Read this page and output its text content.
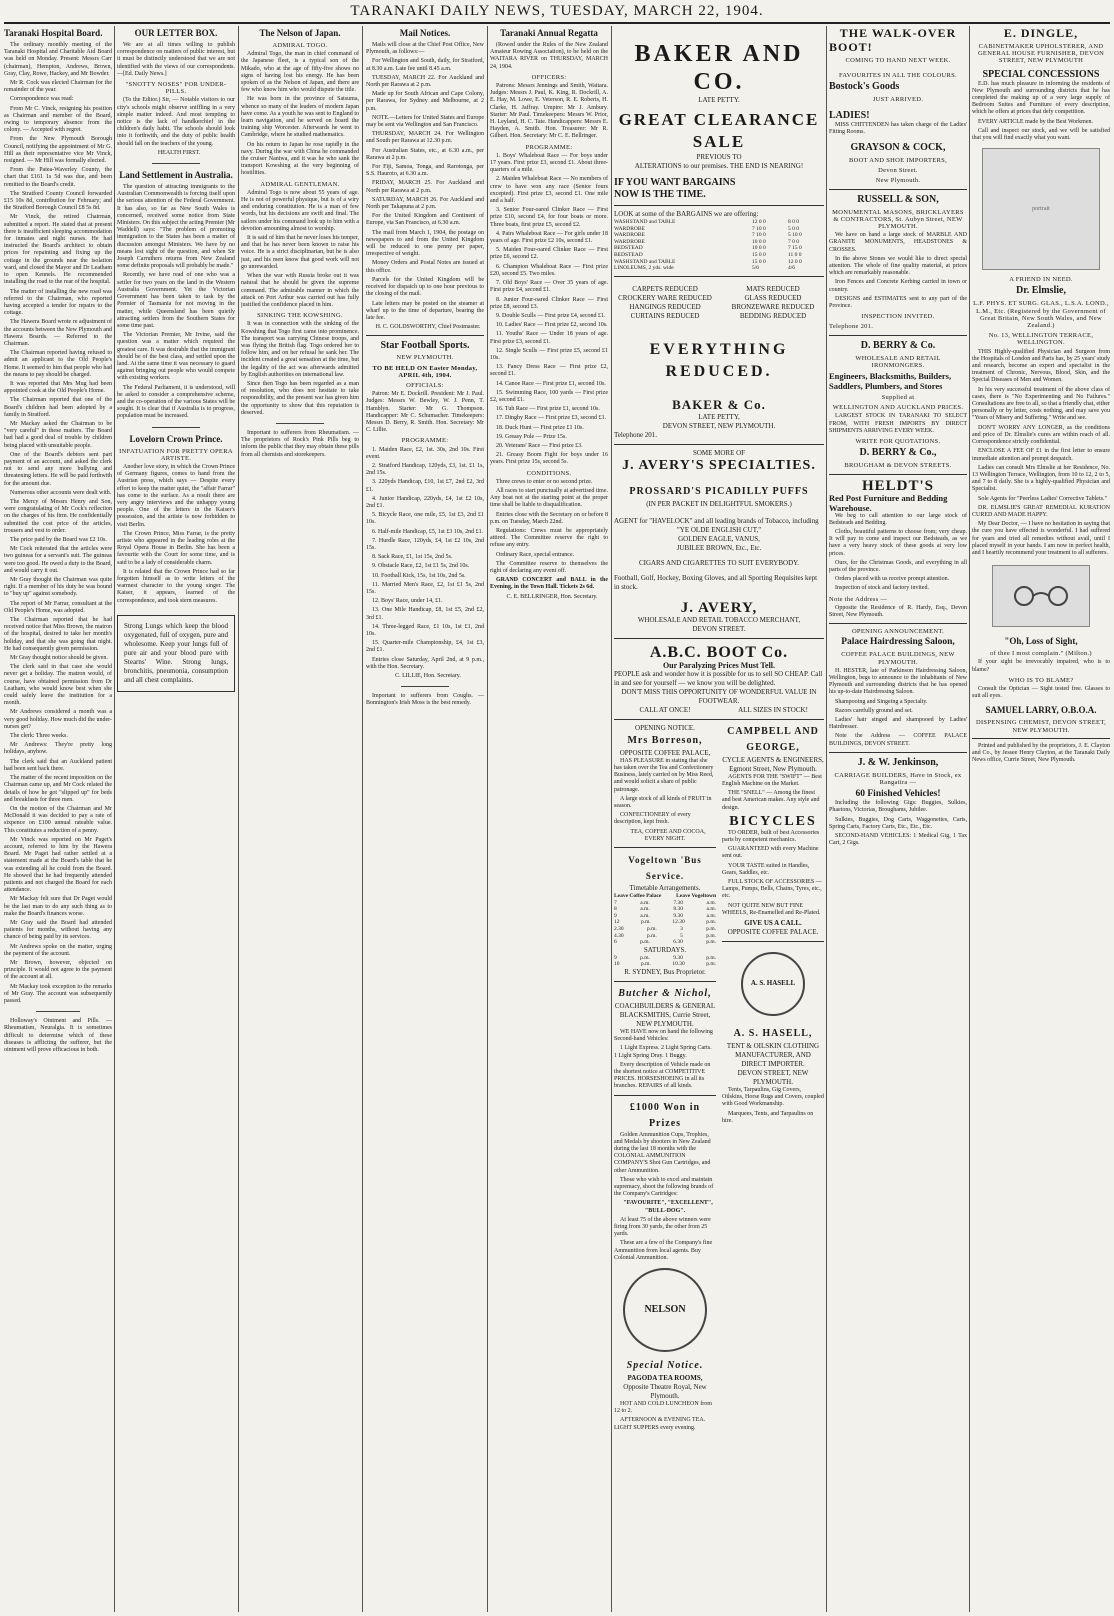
TARANAKI DAILY NEWS, TUESDAY, MARCH 22, 1904.
Taranaki Hospital Board.

The ordinary monthly meeting of the Taranaki Hospital and Charitable Aid Board was held on Monday. Present: Messrs Carr (chairman), Hempton, Andrews, Brown, Gray, Clay, Rowe, Hackey, and Mr Bowder.

Mr R. Cock was elected Chairman for the remainder of the year.

Correspondence was read:

From Mr C. Vinck, resigning his position as Chairman and member of the Board, owing to temporary absence from the colony. — Accepted with regret.

From the New Plymouth Borough Council, notifying the appointment of Mr G. Hill as their representative vice Mr Vinck, resigned. — Mr Hill was formally elected.

From the Patea-Waverley County, the chart that £161 1s 5d was due, and been remitted to the Board's credit.

The Stratford County Council forwarded £15 10s 8d, contribution for February; and the Stratford Borough Council £8 5s 8d.

Mr Vinck, the retired Chairman, submitted a report. He stated that at present there is insufficient sleeping accommodation for inmates and night nurses. He had instructed the Board's architect to obtain prices for repainting and fixing up the cottage in the grounds near the isolation ward, and closed the Mayor and Dr Leatham to open Kennels. He recommended installing the road to the rear of the hospital.

The matter of installing the new road was referred to the Chairman, who reported having accepted a tender for repairs to the cottage.

The Hawera Board wrote re adjustment of the accounts between the New Plymouth and Hawera Boards. — Referred to the Chairman.

The Chairman reported having refused to admit an applicant to the Old People's Home. It seemed to him that people who had the means to pay should be charged.

It was reported that Mrs Mug had been appointed cook at the Old People's Home.

The Chairman reported that one of the Board's children had been adopted by a family in Stratford.

Mr Mackay asked the Chairman to be "very careful" in these matters. The Board had had a good deal of trouble by children being placed with unsuitable people.

One of the Board's debtors sent part payment of an account, and asked the clerk not to send any more bullying and threatening letters. He will be paid forthwith for the amount due.

Numerous other accounts were dealt with.

The Mercy of Messrs Henry and Son, were congratulating of Mr Cock's reflection on the charges of his firm. He confidentially submitted the cost price of the articles, trousers and vest to order.

The price paid by the Board was £2 10s.

Mr Cock reiterated that the articles were two guineas for a servant's suit. The guineas were too good. He owed a duty to the Board, and would carry it out.

Mr Gray thought the Chairman was quite right. If a member of his duty he was bound to "buy up" against somebody.

The report of Mr Farrar, consultant at the Old People's Home, was adopted.

The Chairman reported that he had received notice that Miss Brown, the matron of the hospital, desired to take her month's holiday, and that she was going that night. He had consequently given permission.

Mr Gray thought notice should be given.

The clerk said in that case she would never get a holiday. The matron would, of course, have obtained permission from Dr Leatham, who would know best when she could safely leave the institution for a month.

Mr Andrews considered a month was a very good holiday. How much did the under-nurses get?

The clerk: Three weeks.

Mr Andrews: They're pretty long holidays, anyhow.

The clerk said that an Auckland patient had been sent back there.

The matter of the recent imposition on the Chairman came up, and Mr Cock related the details of how he got "slipped up" for beds and breakfasts for three men.

On the motion of the Chairman and Mr McDonald it was decided to pay a rate of sixpence on £100 annual rateable value. This constitutes a reduction of a penny.

Mr Vinck was reported on Mr Paget's account, referred to him by the Hawera Board. Mr Paget had rather settled at a statement made at the Board's table that he was extending all he could from the Board. He showed that he had frequently attended patients and not charged the Board for each attendance.

Mr Mackay felt sure that Dr Paget would be the last man to do any such thing as to make the Board's finances worse.

Mr Gray said the Board had attended patients for months, without having any chance of being paid by its services.

Mr Andrews spoke on the matter, urging the payment of the account.

Mr Brown, however, objected on principle. It would not agree to the payment of the account at all.

Mr Mackay took exception to the remarks of Mr Gray. The account was subsequently passed.

Holloway's Ointment and Pills. — Rheumatism, Neuralgia. It is sometimes difficult to determine which of these diseases is afflicting the sufferer, but the ointment will prove efficacious in both.

OUR LETTER BOX.

We are at all times willing to publish correspondence on matters of public interest, but it must be distinctly understood that we are not identified with the views of our correspondents.—[Ed. Daily News.]

"SNOTTY NOSES" FOR UNDER-PILLS.

(To the Editor.) Sir, — Notable visitors to our city's schools might observe sniffling in a very simple matter indeed. And most tempting to notice is the lack of handkerchief in the children's daily habit. The schools should look into it forthwith, and the duty of public health should fall on the teachers of the young.

HEALTH FIRST.

Land Settlement in Australia.

The question of attracting immigrants to the Australian Commonwealth is forcing itself upon the serious attention of the Federal Government. It has also, so far as New South Wales is concerned, received some notice from State Ministers. On this subject the acting Premier (Mr Waddell) says: "The problem of promoting immigration to the States has been a matter of discussion amongst Ministers. We have by no means lost sight of the question, and when Sir Joseph Carruthers returns from New Zealand some definite proposals will probably be made."

Recently, we have read of one who was a settler for two years on the land in the Western Australia Government. Yet the Victorian Government has been taken to task by the Premier of Tasmania for not moving in the matter, while Queensland has been quietly attracting settlers from the Southern States for some time past.

The Victorian Premier, Mr Irvine, said the question was a matter which required the greatest care. It was desirable that the immigrant should be of the best class, and settled upon the land. At the same time it was necessary to guard against bringing out people who would compete with existing workers.

The Federal Parliament, it is understood, will be asked to consider a comprehensive scheme, and the co-operation of the various States will be sought. It is clear that if Australia is to progress, population must be increased.

Lovelorn Crown Prince.
INFATUATION FOR PRETTY OPERA ARTISTE.

Another love story, in which the Crown Prince of Germany figures, comes to hand from the Austrian press, which says — Despite every effort to keep the matter quiet, the "affair Farrar" has come to the surface. As a result there are very angry interviews and the unhappy young people. One of the letters in the Kaiser's possession, and the artiste is now forbidden to visit Berlin.

The Crown Prince, Miss Farrar, is the pretty artiste who appeared in the leading roles at the Royal Opera House in Berlin. She has been a favourite with the Court for some time, and is said to be a lady of considerable charm.

It is related that the Crown Prince had so far forgotten himself as to write letters of the warmest character to the young singer. The Kaiser, it appears, learned of the correspondence, and took stern measures.

Strong Lungs which keep the blood oxygenated, full of oxygen, pure and wholesome. Keep your lungs full of pure air and your blood pure with Stearns' Wine. Strong lungs, bronchitis, pneumonia, consumption and all chest complaints.
The Nelson of Japan.
ADMIRAL TOGO.

Admiral Togo, the man in chief command of the Japanese fleet, is a typical son of the Mikado, who at the age of fifty-five shows no signs of having lost his energy. He has been spoken of as the Nelson of Japan, and there are few who know him who would dispute the title.

He was born in the province of Satsuma, whence so many of the leaders of modern Japan have come. As a youth he was sent to England to learn navigation, and he served on board the training ship Worcester. Afterwards he went to Cambridge, where he studied mathematics.

On his return to Japan he rose rapidly in the navy. During the war with China he commanded the cruiser Naniwa, and it was he who sank the transport Kowshing at the very beginning of hostilities.

ADMIRAL GENTLEMAN.

Admiral Togo is now about 55 years of age. He is not of powerful physique, but is of a wiry and enduring constitution. He is a man of few words, but his decisions are swift and final. The sailors under his command look up to him with a devotion amounting almost to worship.

It is said of him that he never loses his temper, and that he has never been known to raise his voice. He is a strict disciplinarian, but he is also just, and his men know that good work will not go unrewarded.

When the war with Russia broke out it was natural that he should be given the supreme command. The admirable manner in which the attack on Port Arthur was carried out has fully justified the confidence placed in him.

SINKING THE KOWSHING.

It was in connection with the sinking of the Kowshing that Togo first came into prominence. The transport was carrying Chinese troops, and was flying the British flag. Togo ordered her to follow him, and on her refusal he sank her. The incident created a great sensation at the time, but the legality of the act was afterwards admitted by English authorities on international law.

Since then Togo has been regarded as a man of resolution, who does not hesitate to take responsibility, and the present war has given him the opportunity to show that this reputation is deserved.

Important to sufferers from Rheumatism. — The proprietors of Rock's Pink Pills beg to inform the public that they may obtain these pills from all chemists and storekeepers.

Mail Notices.

Mails will close at the Chief Post Office, New Plymouth, as follows:—

For Wellington and South, daily, for Stratford, at 8.30 a.m. Late fee until 8.45 a.m.

TUESDAY, MARCH 22. For Auckland and North per Rarawa at 2 p.m.

Made up for South African and Cape Colony, per Rarawa, for Sydney and Melbourne, at 2 p.m.

NOTE.—Letters for United States and Europe may be sent via Wellington and San Francisco.

THURSDAY, MARCH 24. For Wellington and South per Rarawa at 12.30 p.m.

For Australian States, etc., at 6.30 a.m., per Rarawa at 2 p.m.

For Fiji, Samoa, Tonga, and Rarotonga, per S.S. Hauroto, at 6.30 a.m.

FRIDAY, MARCH 25. For Auckland and North per Rarawa at 2 p.m.

SATURDAY, MARCH 26. For Auckland and North per Takapuna at 2 p.m.

For the United Kingdom and Continent of Europe, via San Francisco, at 6.30 a.m.

The mail from March 1, 1904, the postage on newspapers to and from the United Kingdom will be reduced to one penny per paper, irrespective of weight.

Money Orders and Postal Notes are issued at this office.

Parcels for the United Kingdom will be received for dispatch up to one hour previous to the closing of the mail.

Late letters may be posted on the steamer at wharf up to the time of departure, bearing the late fee.

H. C. GOLDSWORTHY, Chief Postmaster.

Star Football Sports.
NEW PLYMOUTH.
TO BE HELD ON Easter Monday, APRIL 4th, 1904.
OFFICIALS:

Patron: Mr E. Dockrill. President: Mr J. Paul. Judges: Messrs W. Bewley, W. J. Penn, T. Hamblyn. Starter: Mr G. Thompson. Handicapper: Mr C. Schumacher. Timekeepers: Messrs D. Berry, R. Smith. Hon. Secretary: Mr C. Lillie.

PROGRAMME:

1. Maiden Race, £2, 1st. 30s, 2nd 10s. First event.

2. Stratford Handicap, 120yds, £3, 1st. £1 1s, 2nd 15s.

3. 220yds Handicap, £10, 1st £7, 2nd £2, 3rd £1.

4. Junior Handicap, 220yds, £4, 1st £2 10s, 2nd £1.

5. Bicycle Race, one mile, £5, 1st £3, 2nd £1 10s.

6. Half-mile Handicap, £5, 1st £3 10s, 2nd £1.

7. Hurdle Race, 120yds, £4, 1st £2 10s, 2nd 15s.

8. Sack Race, £1, 1st 15s, 2nd 5s.

9. Obstacle Race, £2, 1st £1 5s, 2nd 10s.

10. Football Kick, 15s, 1st 10s, 2nd 5s.

11. Married Men's Race, £2, 1st £1 5s, 2nd 15s.

12. Boys' Race, under 14, £1.

13. One Mile Handicap, £8, 1st £5, 2nd £2, 3rd £1.

14. Three-legged Race, £1 10s, 1st £1, 2nd 10s.

15. Quarter-mile Championship, £4, 1st £3, 2nd £1.

Entries close Saturday, April 2nd, at 9 p.m., with the Hon. Secretary.

C. LILLIE, Hon. Secretary.

Important to sufferers from Coughs. — Bonnington's Irish Moss is the best remedy.

Taranaki Annual Regatta

(Rowed under the Rules of the New Zealand Amateur Rowing Association), to be held on the WAITARA RIVER on THURSDAY, MARCH 24, 1904.

OFFICERS:

Patrons: Messrs Jennings and Smith, Waitara. Judges: Messrs J. Paul, K. King, R. Dockrill, A. E. Hay, M. Lowe, E. Veterson, R. E. Roberts, H. Clarke, H. Jaffray. Umpire: Mr J. Ambury. Starter: Mr Paul. Timekeepers: Messrs W. Prior, H. Leyland, H. C. Tate. Handicappers: Messrs E. Hayden, A. Smith. Hon. Treasurer: Mr R. Gilbert. Hon. Secretary: Mr C. E. Bellringer.

PROGRAMME:

1. Boys' Whaleboat Race — For boys under 17 years. First prize £3, second £1. About three-quarters of a mile.

2. Maiden Whaleboat Race — No members of crew to have won any race (Senior fours excepted). First prize £3, second £1. One mile and a half.

3. Senior Four-oared Clinker Race — First prize £10, second £4, for four boats or more. Three boats, first prize £5, second £2.

4. Pairs Whaleboat Race — For girls under 18 years of age. First prize £2 10s, second £1.

5. Maiden Four-oared Clinker Race — First prize £6, second £2.

6. Champion Whaleboat Race — First prize £20, second £5. Two miles.

7. Old Boys' Race — Over 35 years of age. First prize £4, second £1.

8. Junior Four-oared Clinker Race — First prize £8, second £3.

9. Double Sculls — First prize £4, second £1.

10. Ladies' Race — First prize £2, second 10s.

11. Youths' Race — Under 18 years of age. First prize £3, second £1.

12. Single Sculls — First prize £5, second £1 10s.

13. Fancy Dress Race — First prize £2, second £1.

14. Canoe Race — First prize £1, second 10s.

15. Swimming Race, 100 yards — First prize £2, second £1.

16. Tub Race — First prize £1, second 10s.

17. Dinghy Race — First prize £3, second £1.

18. Duck Hunt — First prize £1 10s.

19. Greasy Pole — Prize 15s.

20. Veterans' Race — First prize £3.

21. Greasy Boom Fight for boys under 16 years. First prize 15s, second 5s.

CONDITIONS.

Three crews to enter or no second prize.

All races to start punctually at advertised time. Any boat not at the starting point at the proper time shall be liable to disqualification.

Entries close with the Secretary on or before 8 p.m. on Tuesday, March 22nd.

Regulations: Crews must be appropriately attired. The Committee reserve the right to refuse any entry.

Ordinary Race, special entrance.

The Committee reserve to themselves the right of declaring any event off.

GRAND CONCERT and BALL in the Evening, in the Town Hall. Tickets 2s 6d.

C. E. BELLRINGER, Hon. Secretary.

BAKER AND CO.
LATE PETTY.
GREAT CLEARANCE SALE
PREVIOUS TO
ALTERATIONS to our premises. THE END IS NEARING!
IF YOU WANT BARGAINS
NOW IS THE TIME.
LOOK at some of the BARGAINS we are offering:
WASHSTAND and TABLE	12 0 0	8 0 0
WARDROBE	7 10 0	5 0 0
WARDROBE	7 10 0	5 10 0
WARDROBE	10 0 0	7 0 0
BEDSTEAD	10 0 0	7 15 0
BEDSTEAD	15 0 0	11 0 0
WASHSTAND and TABLE	15 0 0	12 0 0
LINOLEUMS, 2 yds. wide	5/6	4/6
CARPETS REDUCED
CROCKERY WARE REDUCED
HANGINGS REDUCED
CURTAINS REDUCED
MATS REDUCED
GLASS REDUCED
BRONZEWARE REDUCED
BEDDING REDUCED
EVERYTHING REDUCED.
BAKER & Co.
LATE PETTY,
DEVON STREET, NEW PLYMOUTH.
Telephone 201.
SOME MORE OF
J. AVERY'S SPECIALTIES.
PROSSARD'S PICADILLY PUFFS
(IN PER PACKET IN DELIGHTFUL SMOKERS.)
AGENT for "HAVELOCK" and all leading brands of Tobacco, including
"YE OLDE ENGLISH CUT,"
GOLDEN EAGLE, VANUS,
JUBILEE BROWN, Etc., Etc.
CIGARS AND CIGARETTES TO SUIT EVERYBODY.
Football, Golf, Hockey, Boxing Gloves, and all Sporting Requisites kept in stock.
J. AVERY,
WHOLESALE AND RETAIL TOBACCO MERCHANT,
DEVON STREET.
A.B.C. BOOT Co.
Our Paralyzing Prices Must Tell.
PEOPLE ask and wonder how it is possible for us to sell SO CHEAP. Call in and see for yourself — we know you will be delighted.
DON'T MISS THIS OPPORTUNITY OF WONDERFUL VALUE IN FOOTWEAR.
CALL AT ONCE!	ALL SIZES IN STOCK!
OPENING NOTICE.
Mrs Borreson,
OPPOSITE COFFEE PALACE,

HAS PLEASURE in stating that she has taken over the Tea and Confectionery Business, lately carried on by Miss Reed, and would solicit a share of public patronage.

A large stock of all kinds of FRUIT in season.

CONFECTIONERY of every description, kept fresh.

TEA, COFFEE AND COCOA, EVERY NIGHT.

Vogeltown 'Bus Service.
Timetable Arrangements.
Leave Coffee Palace	Leave Vogeltown
7	a.m.	7.30	a.m.
8	a.m.	8.30	a.m.
9	a.m.	9.30	a.m.
12	p.m.	12.30	p.m.
2.30	p.m.	3	p.m.
4.30	p.m.	5	p.m.
6	p.m.	6.30	p.m.
SATURDAYS.
9	p.m.	9.30	p.m.
10	p.m.	10.30	p.m.
R. SYDNEY, Bus Proprietor.
Butcher & Nichol,
COACHBUILDERS & GENERAL BLACKSMITHS, Currie Street, NEW PLYMOUTH.

WE HAVE now on hand the following Second-hand Vehicles:

1 Light Express. 2 Light Spring Carts. 1 Light Spring Dray. 1 Buggy.

Every description of Vehicle made on the shortest notice at COMPETITIVE PRICES. HORSESHOEING in all its branches. REPAIRS of all kinds.

£1000 Won in Prizes

Golden Ammunition Cups, Trophies, and Medals by shooters in New Zealand during the last 18 months with the COLONIAL AMMUNITION COMPANY'S Shot Gun Cartridges, and other Ammunition.

Those who wish to excel and maintain supremacy, shoot the following brands of the Company's Cartridges:

"FAVOURITE", "EXCELLENT", "BULL-DOG".

At least 75 of the above winners were firing from 30 yards, the other from 25 yards.

These are a few of the Company's fine Ammunition from local agents. Buy Colonial Ammunition.

NELSON
Special Notice.
PAGODA TEA ROOMS,
Opposite Theatre Royal, New Plymouth.

HOT AND COLD LUNCHEON from 12 to 2.

AFTERNOON & EVENING TEA. LIGHT SUPPERS every evening.

CAMPBELL AND GEORGE,
CYCLE AGENTS & ENGINEERS, Egmont Street, New Plymouth.

AGENTS FOR THE "SWIFT" — Best English Machine on the Market.

THE "SNELL" — Among the finest and best American makes. Any style and design.

BICYCLES

TO ORDER, built of best Accessories parts by competent mechanics.

GUARANTEED with every Machine sent out.

YOUR TASTE suited in Handles, Gears, Saddles, etc.

FULL STOCK OF ACCESSORIES — Lamps, Pumps, Bells, Chains, Tyres, etc., etc.

NOT QUITE NEW BUT FINE WHEELS, Re-Enamelled and Re-Plated.

GIVE US A CALL.
OPPOSITE COFFEE PALACE.
A. S. HASELL
A. S. HASELL,
TENT & OILSKIN CLOTHING MANUFACTURER, AND DIRECT IMPORTER.
DEVON STREET, NEW PLYMOUTH.

Tents, Tarpaulins, Gig Covers, Oilskins, Horse Rugs and Covers, coupled with Good Workmanship.

Marquees, Tents, and Tarpaulins on hire.

THE WALK-OVER
BOOT!
COMING TO HAND NEXT WEEK.
FAVOURITES IN ALL THE COLOURS.
Bostock's Goods
JUST ARRIVED.
LADIES!

MISS CHITTENDEN has taken charge of the Ladies' Fitting Rooms.

GRAYSON & COCK,
BOOT AND SHOE IMPORTERS,
Devon Street.
New Plymouth.
RUSSELL & SON,
MONUMENTAL MASONS, BRICKLAYERS & CONTRACTORS, St. Aubyn Street, NEW PLYMOUTH.

We have on hand a large stock of MARBLE AND GRANITE MONUMENTS, HEADSTONES & CROSSES.

In the above Stones we would like to direct special attention. The whole of fine quality material, at prices which are remarkably reasonable.

Iron Fences and Concrete Kerbing carried in town or country.

DESIGNS and ESTIMATES sent to any part of the Province.

INSPECTION INVITED.
Telephone 201.
D. BERRY & Co.
WHOLESALE AND RETAIL IRONMONGERS.
Engineers, Blacksmiths, Builders, Saddlers, Plumbers, and Stores
Supplied at
WELLINGTON AND AUCKLAND PRICES.

LARGEST STOCK IN TARANAKI TO SELECT FROM, WITH FRESH IMPORTS BY DIRECT SHIPMENTS ARRIVING EVERY WEEK.

WRITE FOR QUOTATIONS.
D. BERRY & Co.,
BROUGHAM & DEVON STREETS.
HELDT'S
Red Post Furniture and Bedding Warehouse.

We beg to call attention to our large stock of Bedsteads and Bedding.

Cloths, beautiful patterns to choose from; very cheap. It will pay to come and inspect our Bedsteads, as we have a very heavy stock of these goods at very low prices.

Ours, for the Christmas Goods, and everything in all parts of the province.

Orders placed with us receive prompt attention.

Inspection of stock and factory invited.

Note the Address —

Opposite the Residence of R. Hardy, Esq., Devon Street, New Plymouth.

OPENING ANNOUNCEMENT.
Palace Hairdressing Saloon,
COFFEE PALACE BUILDINGS, NEW PLYMOUTH.

H. HESTER, late of Parkinson Hairdressing Saloon, Wellington, begs to announce to the inhabitants of New Plymouth and surrounding districts that he has opened his up-to-date Hairdressing Saloon.

Shampooing and Singeing a Specialty.

Razors carefully ground and set.

Ladies' hair singed and shampooed by Ladies' Hairdresser.

Note the Address — COFFEE PALACE BUILDINGS, DEVON STREET.

J. & W. Jenkinson,
CARRIAGE BUILDERS, Have in Stock, ex Rangatira —
60 Finished Vehicles!

Including the following Gigs: Buggies, Sulkies, Phaetons, Victorias, Broughams, Jubilee.

Sulkies, Buggies, Dog Carts, Waggonettes, Carts, Spring Carts, Factory Carts, Etc., Etc., Etc.

SECOND-HAND VEHICLES: 1 Medical Gig, 1 Tax Cart, 2 Gigs.

E. DINGLE,
CABINETMAKER UPHOLSTERER, AND GENERAL HOUSE FURNISHER, DEVON STREET, NEW PLYMOUTH
SPECIAL CONCESSIONS

E.D. has much pleasure in informing the residents of New Plymouth and surrounding districts that he has completed the making up of a very large supply of Bedroom Suites and Furniture of every description, which he offers at prices that defy competition.

EVERY ARTICLE made by the Best Workmen.

Call and inspect our stock, and we will be satisfied that you will find exactly what you want.

portrait
A FRIEND IN NEED.
Dr. Elmslie,
L.F. PHYS. ET SURG. GLAS., L.S.A. LOND., L.M., Etc. (Registered by the Government of Great Britain, New South Wales, and New Zealand.)
No. 13, WELLINGTON TERRACE, WELLINGTON.

THIS Highly-qualified Physician and Surgeon from the Hospitals of London and Paris has, by 25 years' study and research, become an expert and specialist in the treatment of Chronic, Nervous, Blood, Skin, and the Special Diseases of Men and Women.

In his very successful treatment of the above class of cases, there is "No Experimenting and No Failures." Consultations are free to all, so that a friendly chat, either personally or by letter, costs nothing, and may save you "Years of Misery and Suffering." Write and see.

DON'T WORRY ANY LONGER, as the conditions and price of Dr. Elmslie's cures are within reach of all. Correspondence strictly confidential.

ENCLOSE A FEE OF £1 in the first letter to ensure immediate attention and prompt despatch.

Ladies can consult Mrs Elmslie at her Residence, No. 13 Wellington Terrace, Wellington, from 10 to 12, 2 to 5, and 7 to 8 daily. She is a highly-qualified Physician and Specialist.

Sole Agents for "Peerless Ladies' Corrective Tablets."

DR. ELMSLIE'S GREAT REMEDIAL KURATION CURED AND MADE HAPPY.

My Dear Doctor, — I have no hesitation in saying that the cure you have effected is wonderful. I had suffered for years and tried all remedies without avail, until I placed myself in your hands. I am now in perfect health, and I heartily recommend your treatment to all sufferers.

"Oh, Loss of Sight,
of thee I most complain." (Milton.)

If your sight be irrevocably impaired, who is to blame?

WHO IS TO BLAME?

Consult the Optician — Sight tested free. Glasses to suit all eyes.

SAMUEL LARRY, O.B.O.A.
DISPENSING CHEMIST, DEVON STREET, NEW PLYMOUTH.

Printed and published by the proprietors, J. E. Clayton and Co., by Jessee Henry Clayton, at the Taranaki Daily News office, Currie Street, New Plymouth.
